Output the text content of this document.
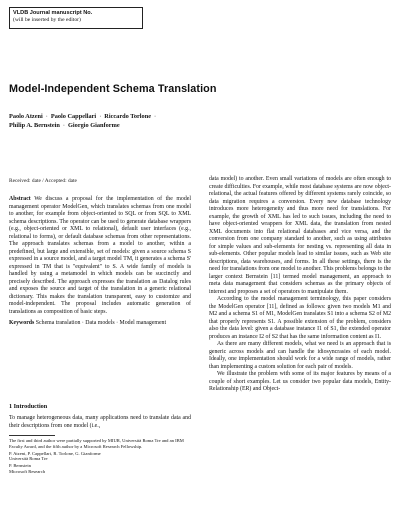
VLDB Journal manuscript No.
(will be inserted by the editor)
Model-Independent Schema Translation
Paolo Atzeni · Paolo Cappellari · Riccardo Torlone ·
Philip A. Bernstein · Giorgio Gianforme
Received: date / Accepted: date

Abstract We discuss a proposal for the implementation of the model management operator ModelGen, which translates schemas from one model to another, for example from object-oriented to SQL or from SQL to XML schema descriptions. The operator can be used to generate database wrappers (e.g., object-oriented or XML to relational), default user interfaces (e.g., relational to forms), or default database schemas from other representations. The approach translates schemas from a model to another, within a predefined, but large and extensible, set of models: given a source schema S expressed in a source model, and a target model TM, it generates a schema S' expressed in TM that is "equivalent" to S. A wide family of models is handled by using a metamodel in which models can be succinctly and precisely described. The approach expresses the translation as Datalog rules and exposes the source and target of the translation in a generic relational dictionary. This makes the translation transparent, easy to customize and model-independent. The proposal includes automatic generation of translations as composition of basic steps.

Keywords Schema translation · Data models · Model management

1 Introduction

To manage heterogeneous data, many applications need to translate data and their descriptions from one model (i.e.,

The first and third author were partially supported by MIUR, Università Roma Tre and an IBM Faculty Award, and the fifth author by a Microsoft Research Fellowship.

P. Atzeni, P. Cappellari, R. Torlone, G. Gianforme
Università Roma Tre

P. Bernstein
Microsoft Research

data model) to another. Even small variations of models are often enough to create difficulties. For example, while most database systems are now object-relational, the actual features offered by different systems rarely coincide, so data migration requires a conversion. Every new database technology introduces more heterogeneity and thus more need for translations. For example, the growth of XML has led to such issues, including the need to have object-oriented wrappers for XML data, the translation from nested XML documents into flat relational databases and vice versa, and the conversion from one company standard to another, such as using attributes for simple values and sub-elements for nesting vs. representing all data in sub-elements. Other popular models lead to similar issues, such as Web site descriptions, data warehouses, and forms. In all these settings, there is the need for translations from one model to another. This problems belongs to the larger context Bernstein [11] termed model management, an approach to meta data management that considers schemas as the primary objects of interest and proposes a set of operators to manipulate them.

According to the model management terminology, this paper considers the ModelGen operator [11], defined as follows: given two models M1 and M2 and a schema S1 of M1, ModelGen translates S1 into a schema S2 of M2 that properly represents S1. A possible extension of the problem, considers also the data level: given a database instance I1 of S1, the extended operator produces an instance I2 of S2 that has the same information content as I1.

As there are many different models, what we need is an approach that is generic across models and can handle the idiosyncrasies of each model. Ideally, one implementation should work for a wide range of models, rather than implementing a custom solution for each pair of models.

We illustrate the problem with some of its major features by means of a couple of short examples. Let us consider two popular data models, Entity-Relationship (ER) and Object-
